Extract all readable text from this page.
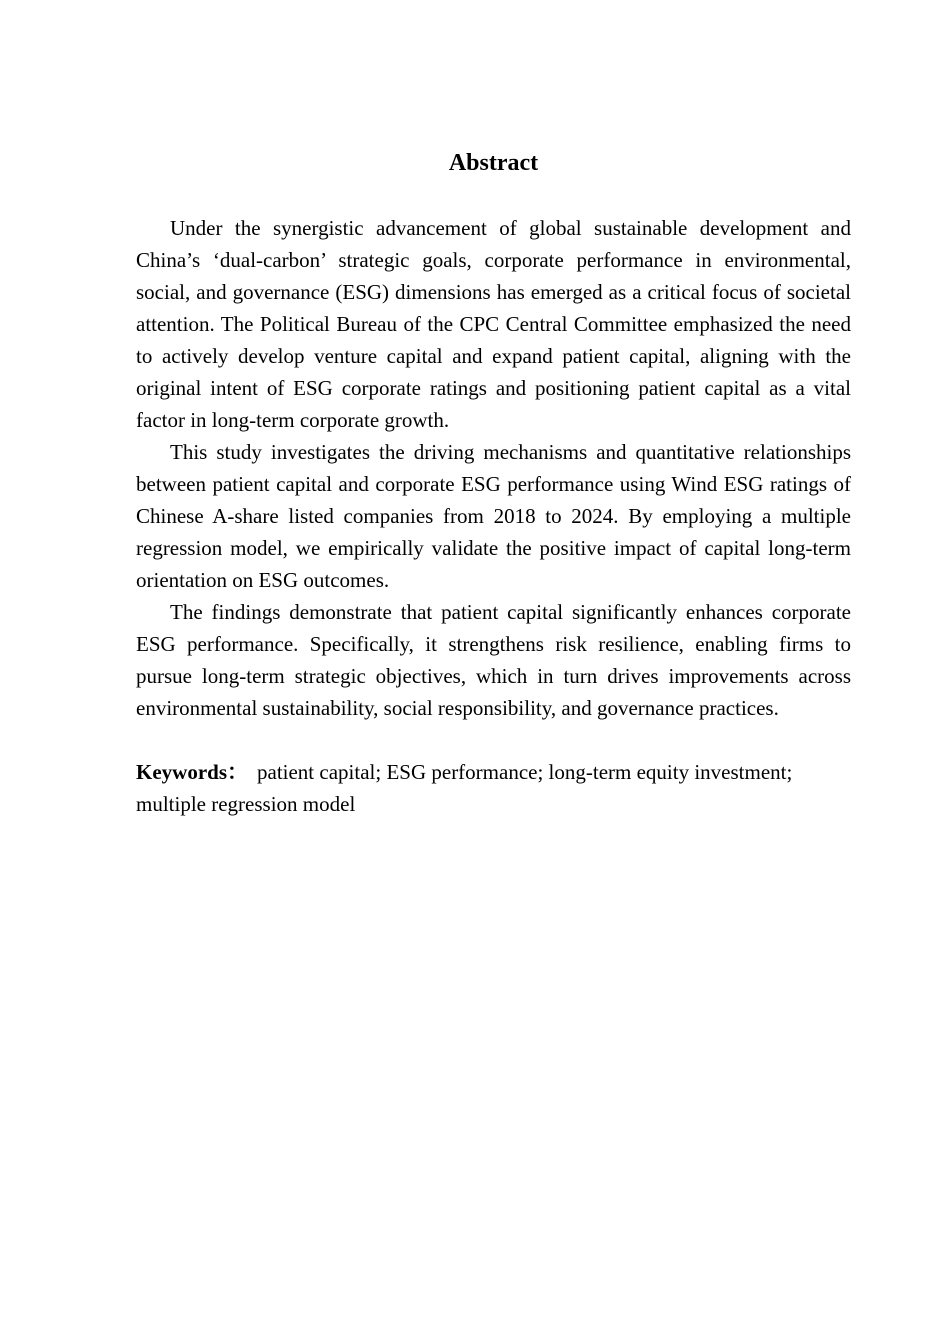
Abstract

Under the synergistic advancement of global sustainable development and China’s ‘dual-carbon’ strategic goals, corporate performance in environmental, social, and governance (ESG) dimensions has emerged as a critical focus of societal attention. The Political Bureau of the CPC Central Committee emphasized the need to actively develop venture capital and expand patient capital, aligning with the original intent of ESG corporate ratings and positioning patient capital as a vital factor in long-term corporate growth.

This study investigates the driving mechanisms and quantitative relationships between patient capital and corporate ESG performance using Wind ESG ratings of Chinese A-share listed companies from 2018 to 2024. By employing a multiple regression model, we empirically validate the positive impact of capital long-term orientation on ESG outcomes.

The findings demonstrate that patient capital significantly enhances corporate ESG performance. Specifically, it strengthens risk resilience, enabling firms to pursue long-term strategic objectives, which in turn drives improvements across environmental sustainability, social responsibility, and governance practices.

Keywords： patient capital; ESG performance; long-term equity investment; multiple regression model
